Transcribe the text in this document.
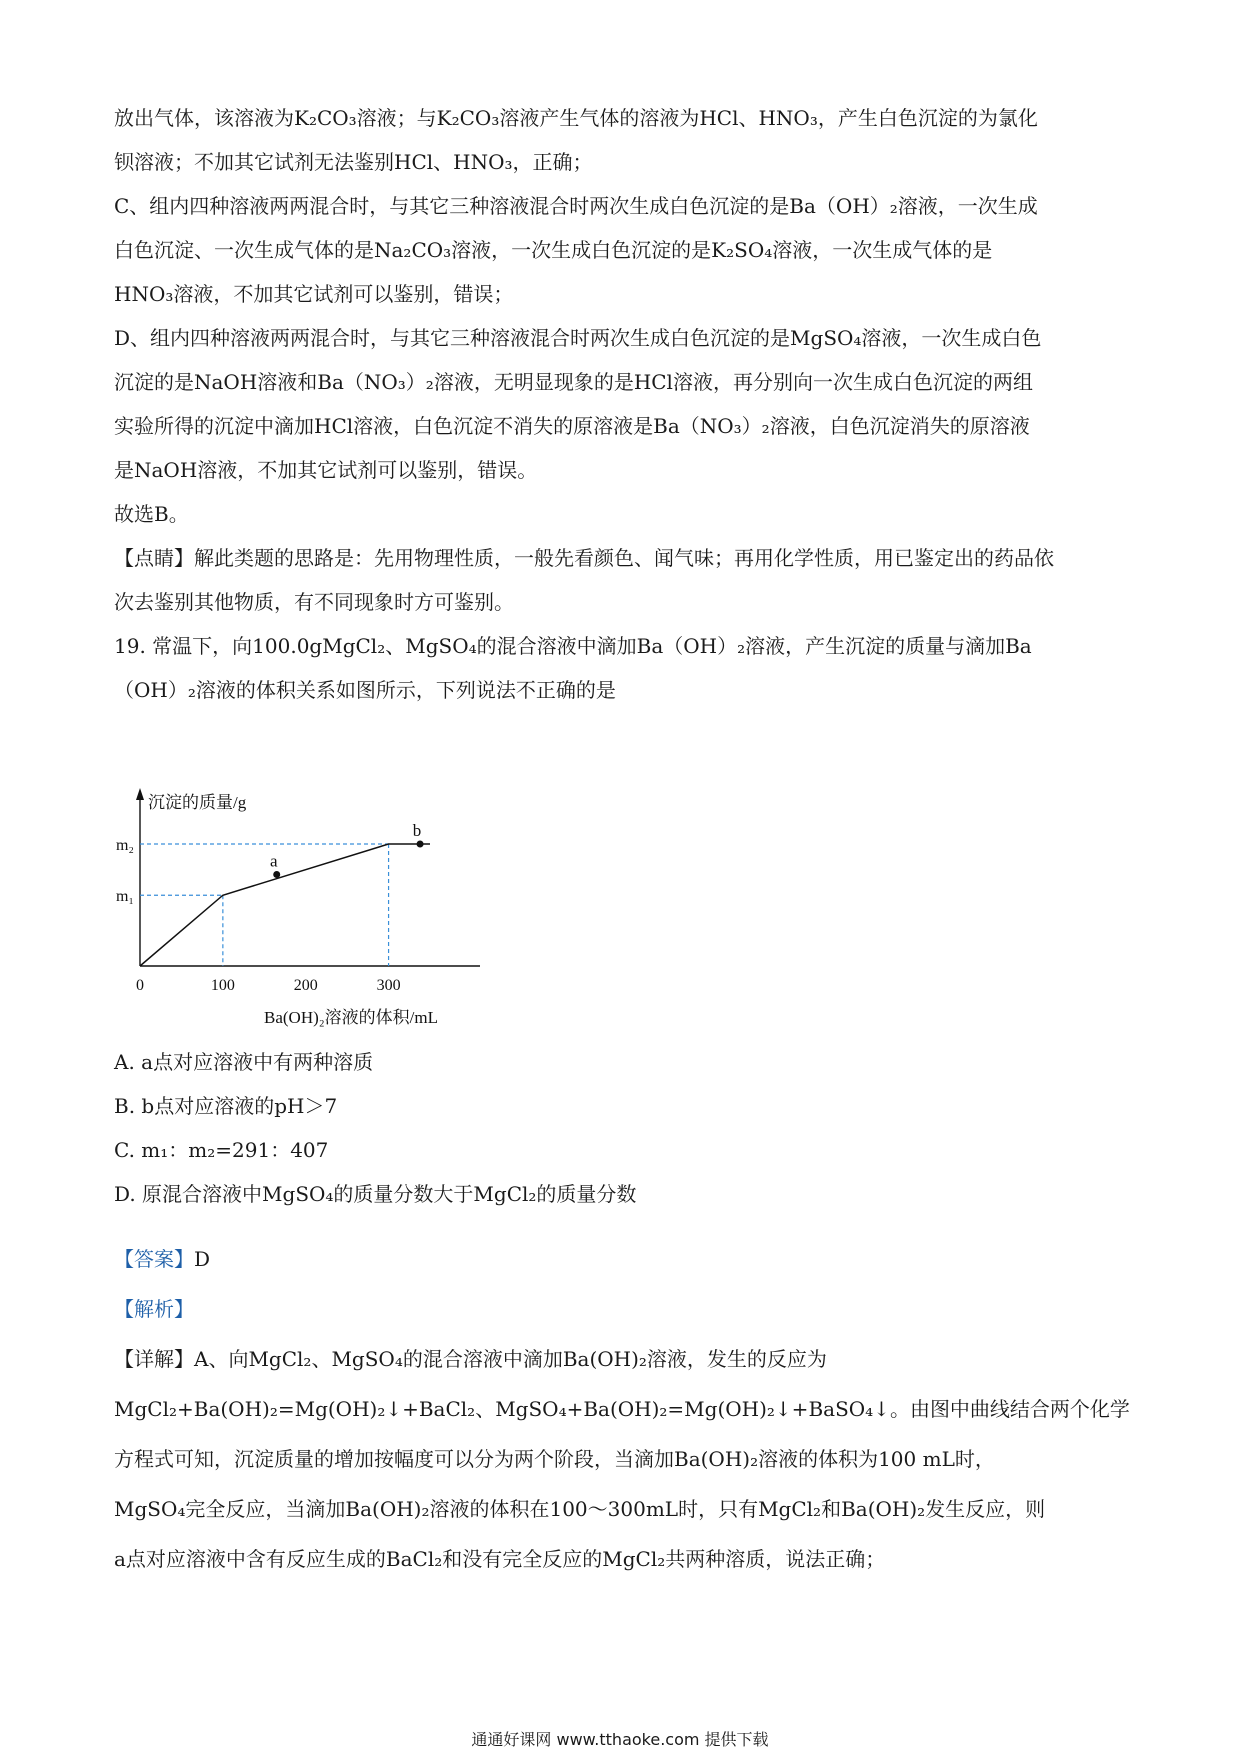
放出气体，该溶液为K₂CO₃溶液；与K₂CO₃溶液产生气体的溶液为HCl、HNO₃，产生白色沉淀的为氯化
钡溶液；不加其它试剂无法鉴别HCl、HNO₃，正确；
C、组内四种溶液两两混合时，与其它三种溶液混合时两次生成白色沉淀的是Ba（OH）₂溶液，一次生成
白色沉淀、一次生成气体的是Na₂CO₃溶液，一次生成白色沉淀的是K₂SO₄溶液，一次生成气体的是
HNO₃溶液，不加其它试剂可以鉴别，错误；
D、组内四种溶液两两混合时，与其它三种溶液混合时两次生成白色沉淀的是MgSO₄溶液，一次生成白色
沉淀的是NaOH溶液和Ba（NO₃）₂溶液，无明显现象的是HCl溶液，再分别向一次生成白色沉淀的两组
实验所得的沉淀中滴加HCl溶液，白色沉淀不消失的原溶液是Ba（NO₃）₂溶液，白色沉淀消失的原溶液
是NaOH溶液，不加其它试剂可以鉴别，错误。
故选B。
【点睛】解此类题的思路是：先用物理性质，一般先看颜色、闻气味；再用化学性质，用已鉴定出的药品依
次去鉴别其他物质，有不同现象时方可鉴别。
19. 常温下，向100.0gMgCl₂、MgSO₄的混合溶液中滴加Ba（OH）₂溶液，产生沉淀的质量与滴加Ba
（OH）₂溶液的体积关系如图所示，下列说法不正确的是
a
b
0	100	200	300
m₁
m₂
沉淀的质量/g
Ba(OH)₂溶液的体积/mL
A. a点对应溶液中有两种溶质
B. b点对应溶液的pH＞7
C. m₁：m₂=291：407
D. 原混合溶液中MgSO₄的质量分数大于MgCl₂的质量分数
【答案】D
【解析】
【详解】A、向MgCl₂、MgSO₄的混合溶液中滴加Ba(OH)₂溶液，发生的反应为
MgCl₂+Ba(OH)₂=Mg(OH)₂↓+BaCl₂、MgSO₄+Ba(OH)₂=Mg(OH)₂↓+BaSO₄↓。由图中曲线结合两个化学
方程式可知，沉淀质量的增加按幅度可以分为两个阶段，当滴加Ba(OH)₂溶液的体积为100 mL时，
MgSO₄完全反应，当滴加Ba(OH)₂溶液的体积在100～300mL时，只有MgCl₂和Ba(OH)₂发生反应，则
a点对应溶液中含有反应生成的BaCl₂和没有完全反应的MgCl₂共两种溶质，说法正确；
通通好课网 www.tthaoke.com 提供下载
